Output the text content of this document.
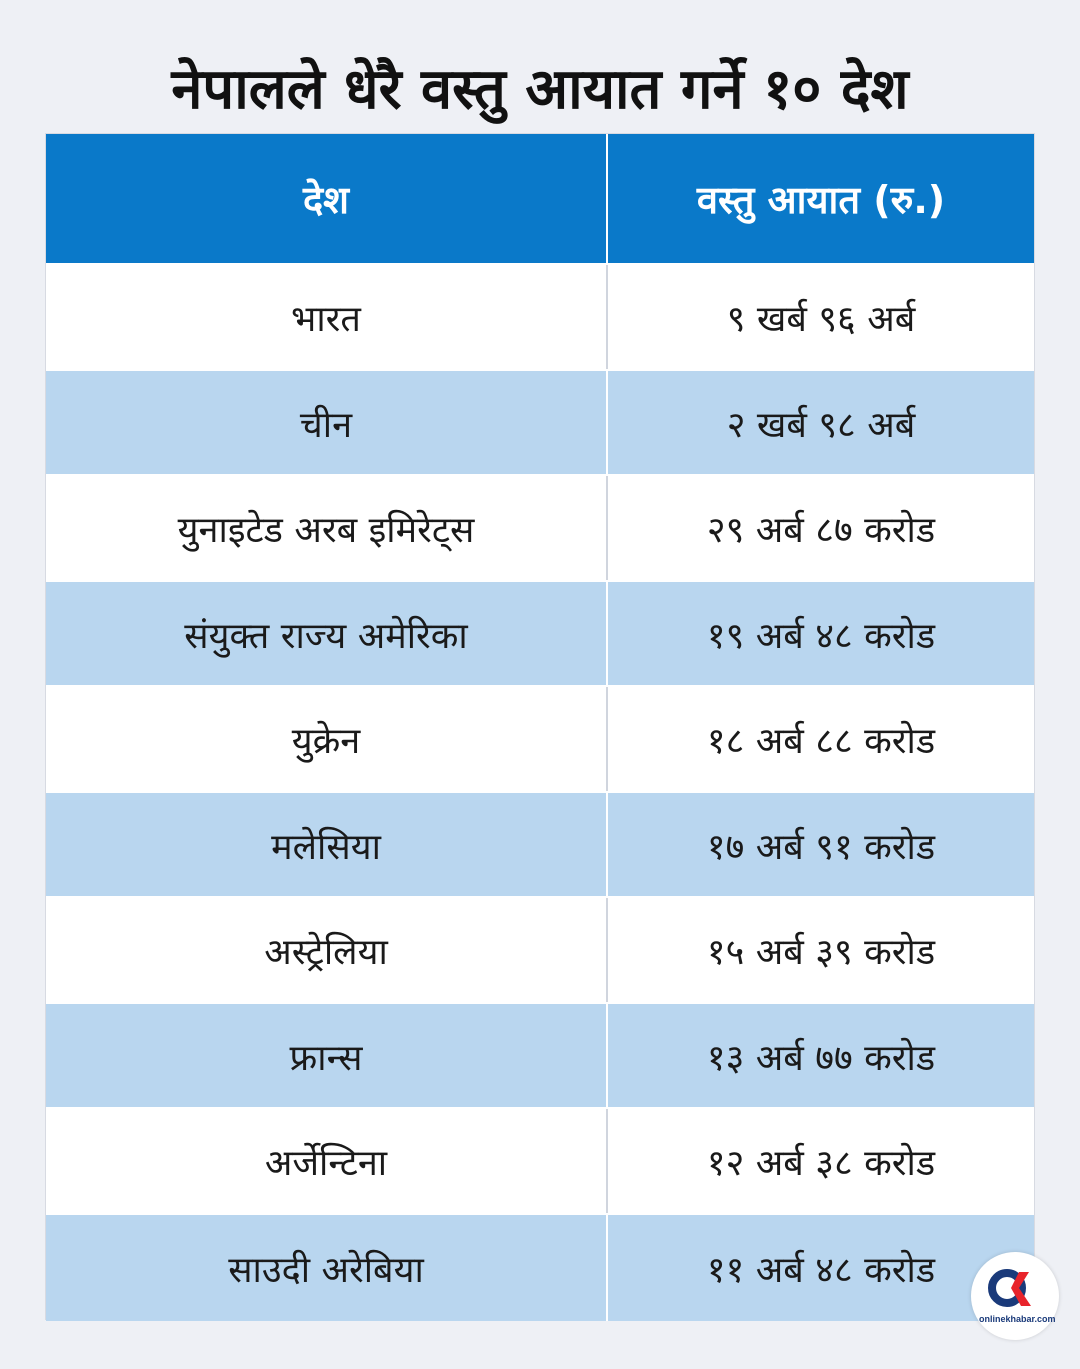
नेपालले धेरै वस्तु आयात गर्ने १० देश
देश	वस्तु आयात (रु.)
भारत	९ खर्ब ९६ अर्ब
चीन	२ खर्ब ९८ अर्ब
युनाइटेड अरब इमिरेट्स	२९ अर्ब ८७ करोड
संयुक्त राज्य अमेरिका	१९ अर्ब ४८ करोड
युक्रेन	१८ अर्ब ८८ करोड
मलेसिया	१७ अर्ब ९१ करोड
अस्ट्रेलिया	१५ अर्ब ३९ करोड
फ्रान्स	१३ अर्ब ७७ करोड
अर्जेन्टिना	१२ अर्ब ३८ करोड
साउदी अरेबिया	११ अर्ब ४८ करोड
onlinekhabar.com
